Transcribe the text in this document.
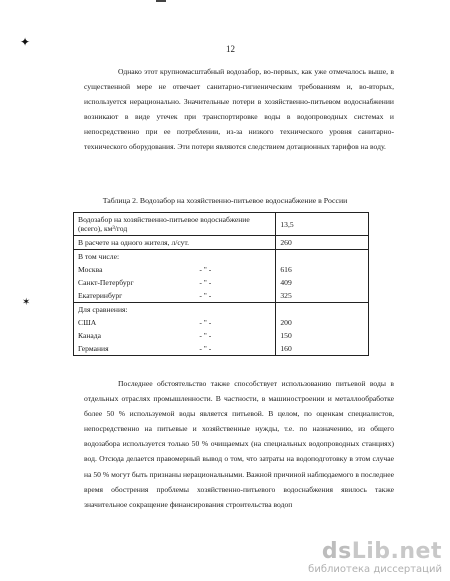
✦
✶
12

Однако этот крупномасштабный водозабор, во-первых, как уже отмечалось выше, в существенной мере не отвечает санитарно-гигиеническим требованиям и, во-вторых, используется нерационально. Значительные потери в хозяйственно-питьевом водоснабжении возникают в виде утечек при транспортировке воды в водопроводных системах и непосредственно при ее потреблении, из-за низкого технического уровня санитарно-технического оборудования. Эти потери являются следствием дотационных тарифов на воду.

Таблица 2. Водозабор на хозяйственно-питьевое водоснабжение в России
Водозабор на хозяйственно-питьевое водоснабжение (всего), км³/год	13,5
В расчете на одного жителя, л/сут.	260
В том числе:	

Москва - " -	616

Санкт-Петербург - " -	409

Екатеринбург - " -	325
Для сравнения:	

США - " -	200

Канада - " -	150

Германия - " -	160

Последнее обстоятельство также способствует использованию питьевой воды в отдельных отраслях промышленности. В частности, в машиностроении и металлообработке более 50 % используемой воды является питьевой. В целом, по оценкам специалистов, непосредственно на питьевые и хозяйственные нужды, т.е. по назначению, из общего водозабора используется только 50 % очищаемых (на специальных водопроводных станциях) вод. Отсюда делается правомерный вывод о том, что затраты на водоподготовку в этом случае на 50 % могут быть признаны нерациональными. Важной причиной наблюдаемого в последнее время обострения проблемы хозяйственно-питьевого водоснабжения явилось также значительное сокращение финансирования строительства водоп

dsLib.net
библиотека диссертаций
